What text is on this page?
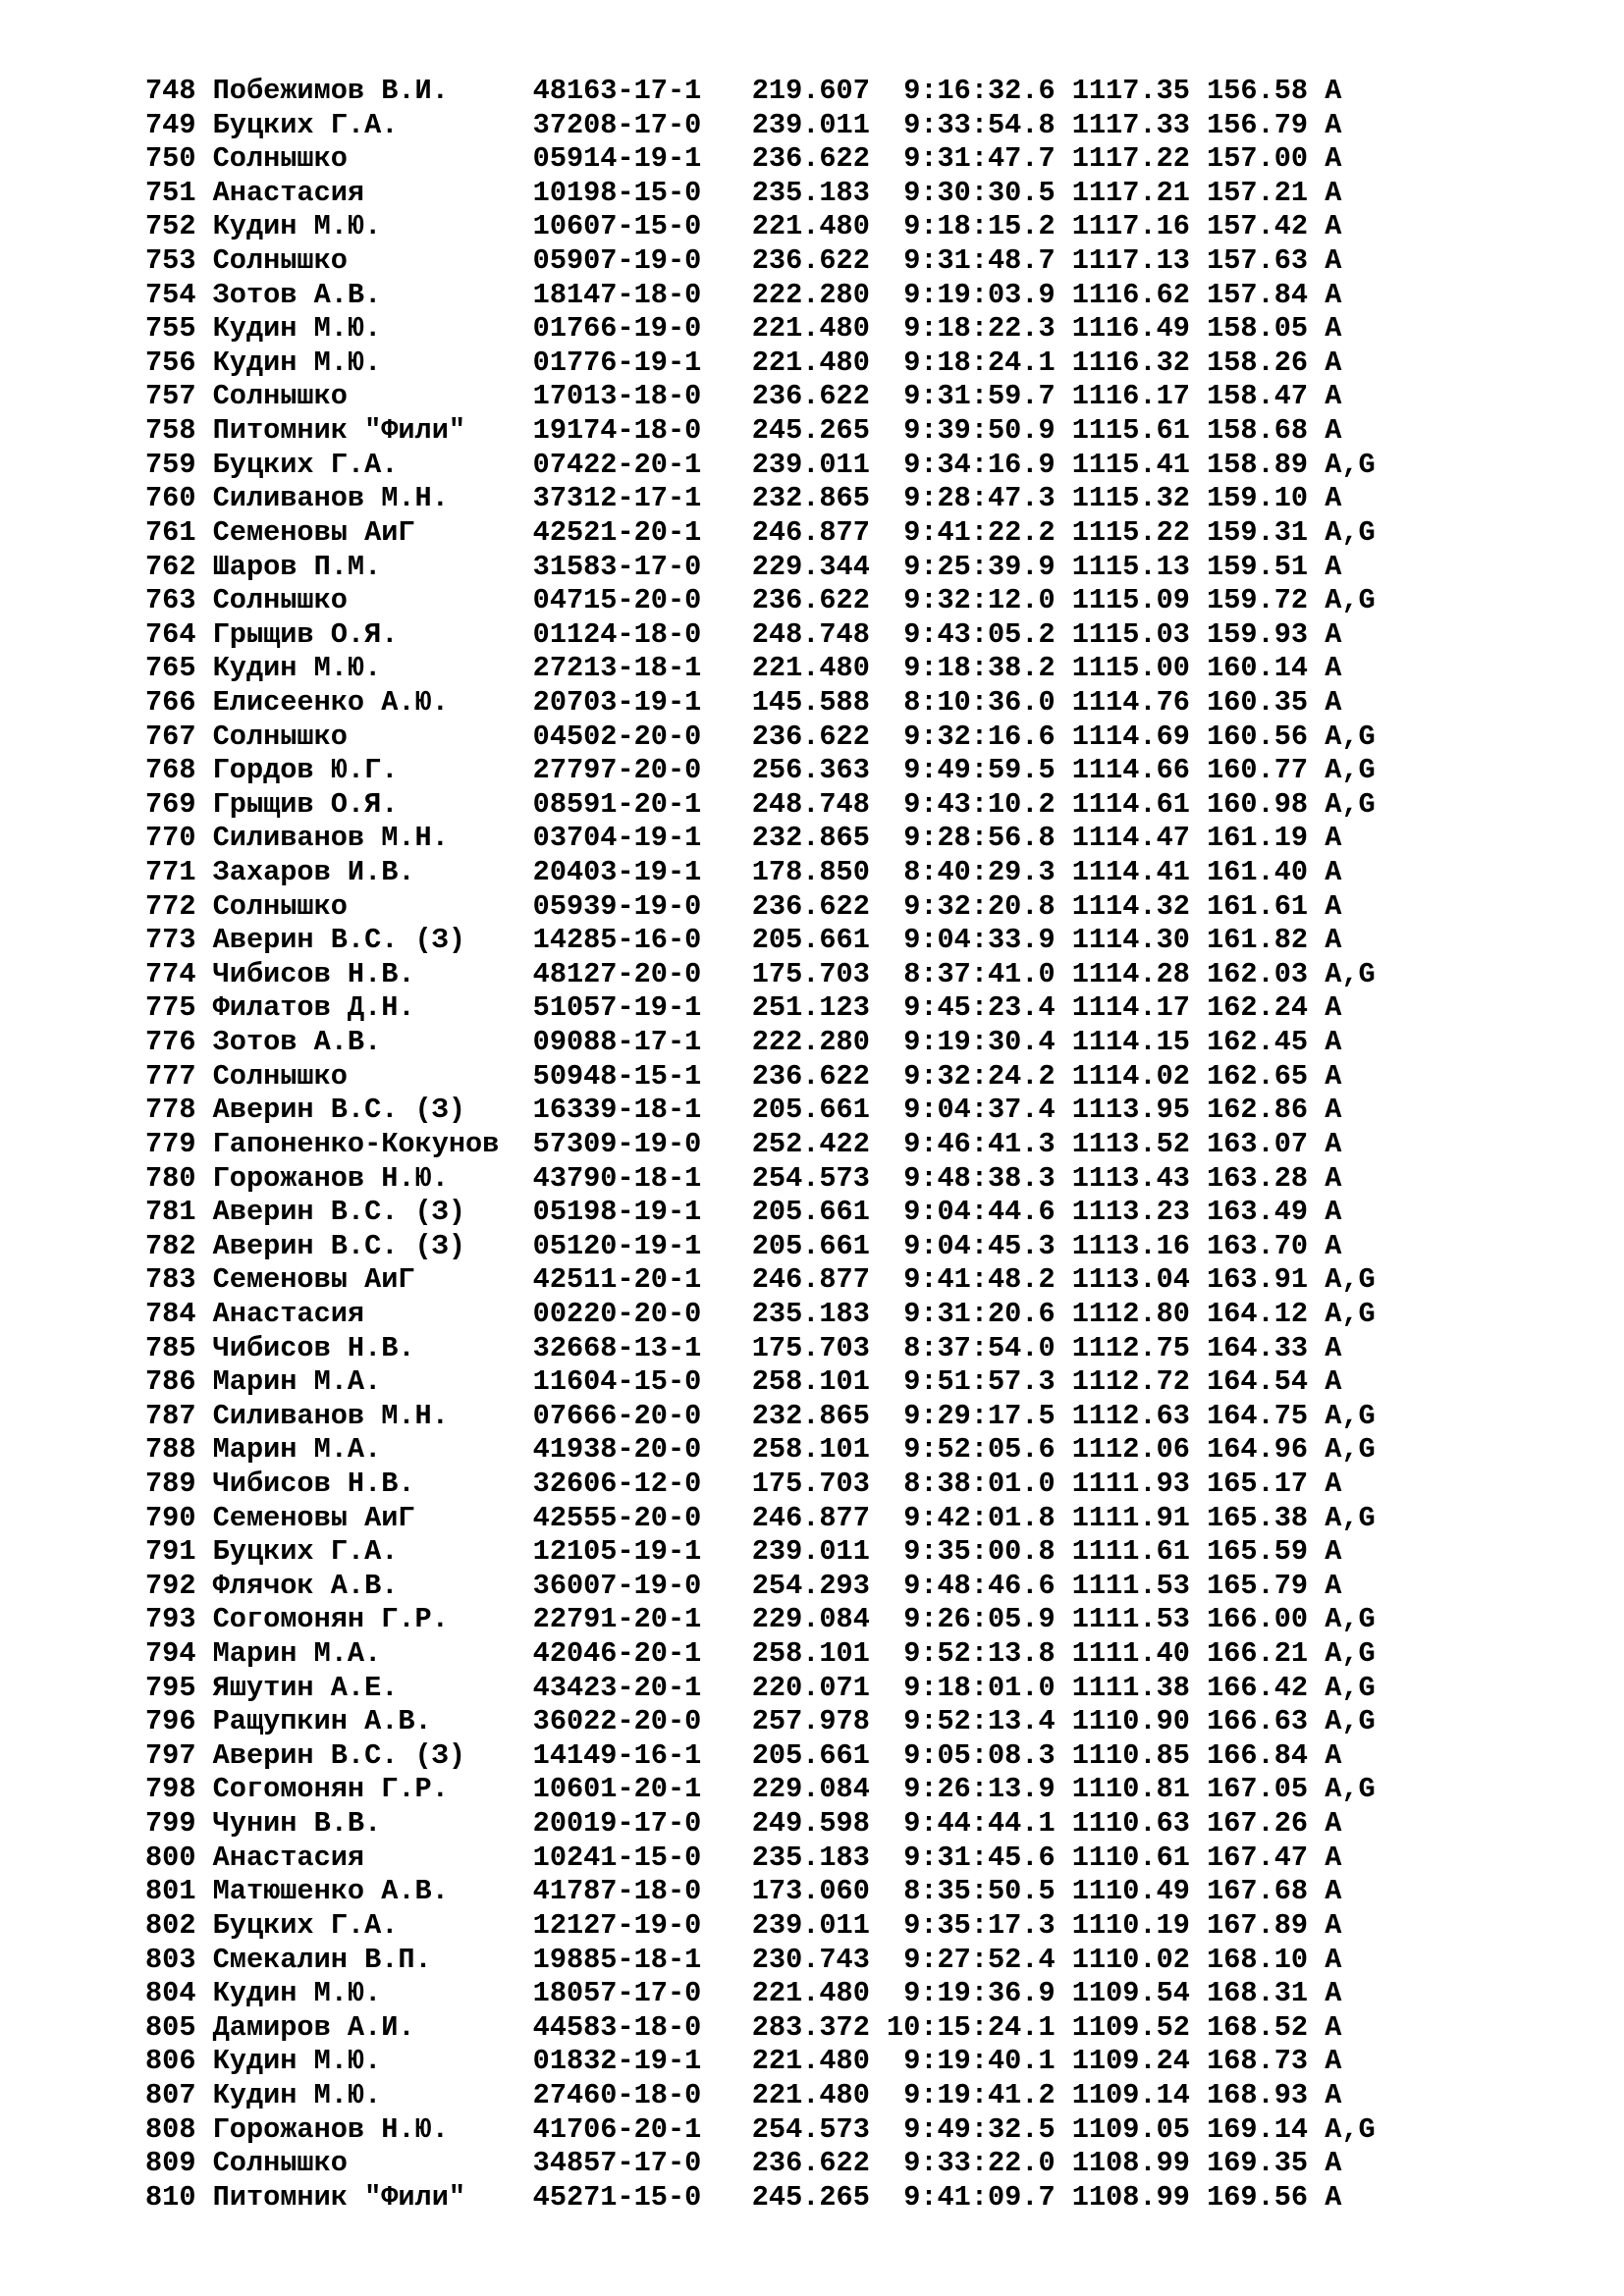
748 Побежимов В.И.     48163-17-1   219.607  9:16:32.6 1117.35 156.58 A
749 Буцких Г.А.        37208-17-0   239.011  9:33:54.8 1117.33 156.79 A
750 Солнышко           05914-19-1   236.622  9:31:47.7 1117.22 157.00 A
751 Анастасия          10198-15-0   235.183  9:30:30.5 1117.21 157.21 A
752 Кудин М.Ю.         10607-15-0   221.480  9:18:15.2 1117.16 157.42 A
753 Солнышко           05907-19-0   236.622  9:31:48.7 1117.13 157.63 A
754 Зотов А.В.         18147-18-0   222.280  9:19:03.9 1116.62 157.84 A
755 Кудин М.Ю.         01766-19-0   221.480  9:18:22.3 1116.49 158.05 A
756 Кудин М.Ю.         01776-19-1   221.480  9:18:24.1 1116.32 158.26 A
757 Солнышко           17013-18-0   236.622  9:31:59.7 1116.17 158.47 A
758 Питомник "Фили"    19174-18-0   245.265  9:39:50.9 1115.61 158.68 A
759 Буцких Г.А.        07422-20-1   239.011  9:34:16.9 1115.41 158.89 A,G
760 Силиванов М.Н.     37312-17-1   232.865  9:28:47.3 1115.32 159.10 A
761 Семеновы АиГ       42521-20-1   246.877  9:41:22.2 1115.22 159.31 A,G
762 Шаров П.М.         31583-17-0   229.344  9:25:39.9 1115.13 159.51 A
763 Солнышко           04715-20-0   236.622  9:32:12.0 1115.09 159.72 A,G
764 Грыщив О.Я.        01124-18-0   248.748  9:43:05.2 1115.03 159.93 A
765 Кудин М.Ю.         27213-18-1   221.480  9:18:38.2 1115.00 160.14 A
766 Елисеенко А.Ю.     20703-19-1   145.588  8:10:36.0 1114.76 160.35 A
767 Солнышко           04502-20-0   236.622  9:32:16.6 1114.69 160.56 A,G
768 Гордов Ю.Г.        27797-20-0   256.363  9:49:59.5 1114.66 160.77 A,G
769 Грыщив О.Я.        08591-20-1   248.748  9:43:10.2 1114.61 160.98 A,G
770 Силиванов М.Н.     03704-19-1   232.865  9:28:56.8 1114.47 161.19 A
771 Захаров И.В.       20403-19-1   178.850  8:40:29.3 1114.41 161.40 A
772 Солнышко           05939-19-0   236.622  9:32:20.8 1114.32 161.61 A
773 Аверин В.С. (З)    14285-16-0   205.661  9:04:33.9 1114.30 161.82 A
774 Чибисов Н.В.       48127-20-0   175.703  8:37:41.0 1114.28 162.03 A,G
775 Филатов Д.Н.       51057-19-1   251.123  9:45:23.4 1114.17 162.24 A
776 Зотов А.В.         09088-17-1   222.280  9:19:30.4 1114.15 162.45 A
777 Солнышко           50948-15-1   236.622  9:32:24.2 1114.02 162.65 A
778 Аверин В.С. (З)    16339-18-1   205.661  9:04:37.4 1113.95 162.86 A
779 Гапоненко-Кокунов  57309-19-0   252.422  9:46:41.3 1113.52 163.07 A
780 Горожанов Н.Ю.     43790-18-1   254.573  9:48:38.3 1113.43 163.28 A
781 Аверин В.С. (З)    05198-19-1   205.661  9:04:44.6 1113.23 163.49 A
782 Аверин В.С. (З)    05120-19-1   205.661  9:04:45.3 1113.16 163.70 A
783 Семеновы АиГ       42511-20-1   246.877  9:41:48.2 1113.04 163.91 A,G
784 Анастасия          00220-20-0   235.183  9:31:20.6 1112.80 164.12 A,G
785 Чибисов Н.В.       32668-13-1   175.703  8:37:54.0 1112.75 164.33 A
786 Марин М.А.         11604-15-0   258.101  9:51:57.3 1112.72 164.54 A
787 Силиванов М.Н.     07666-20-0   232.865  9:29:17.5 1112.63 164.75 A,G
788 Марин М.А.         41938-20-0   258.101  9:52:05.6 1112.06 164.96 A,G
789 Чибисов Н.В.       32606-12-0   175.703  8:38:01.0 1111.93 165.17 A
790 Семеновы АиГ       42555-20-0   246.877  9:42:01.8 1111.91 165.38 A,G
791 Буцких Г.А.        12105-19-1   239.011  9:35:00.8 1111.61 165.59 A
792 Флячок А.В.        36007-19-0   254.293  9:48:46.6 1111.53 165.79 A
793 Согомонян Г.Р.     22791-20-1   229.084  9:26:05.9 1111.53 166.00 A,G
794 Марин М.А.         42046-20-1   258.101  9:52:13.8 1111.40 166.21 A,G
795 Яшутин А.Е.        43423-20-1   220.071  9:18:01.0 1111.38 166.42 A,G
796 Ращупкин А.В.      36022-20-0   257.978  9:52:13.4 1110.90 166.63 A,G
797 Аверин В.С. (З)    14149-16-1   205.661  9:05:08.3 1110.85 166.84 A
798 Согомонян Г.Р.     10601-20-1   229.084  9:26:13.9 1110.81 167.05 A,G
799 Чунин В.В.         20019-17-0   249.598  9:44:44.1 1110.63 167.26 A
800 Анастасия          10241-15-0   235.183  9:31:45.6 1110.61 167.47 A
801 Матюшенко А.В.     41787-18-0   173.060  8:35:50.5 1110.49 167.68 A
802 Буцких Г.А.        12127-19-0   239.011  9:35:17.3 1110.19 167.89 A
803 Смекалин В.П.      19885-18-1   230.743  9:27:52.4 1110.02 168.10 A
804 Кудин М.Ю.         18057-17-0   221.480  9:19:36.9 1109.54 168.31 A
805 Дамиров А.И.       44583-18-0   283.372 10:15:24.1 1109.52 168.52 A
806 Кудин М.Ю.         01832-19-1   221.480  9:19:40.1 1109.24 168.73 A
807 Кудин М.Ю.         27460-18-0   221.480  9:19:41.2 1109.14 168.93 A
808 Горожанов Н.Ю.     41706-20-1   254.573  9:49:32.5 1109.05 169.14 A,G
809 Солнышко           34857-17-0   236.622  9:33:22.0 1108.99 169.35 A
810 Питомник "Фили"    45271-15-0   245.265  9:41:09.7 1108.99 169.56 A
